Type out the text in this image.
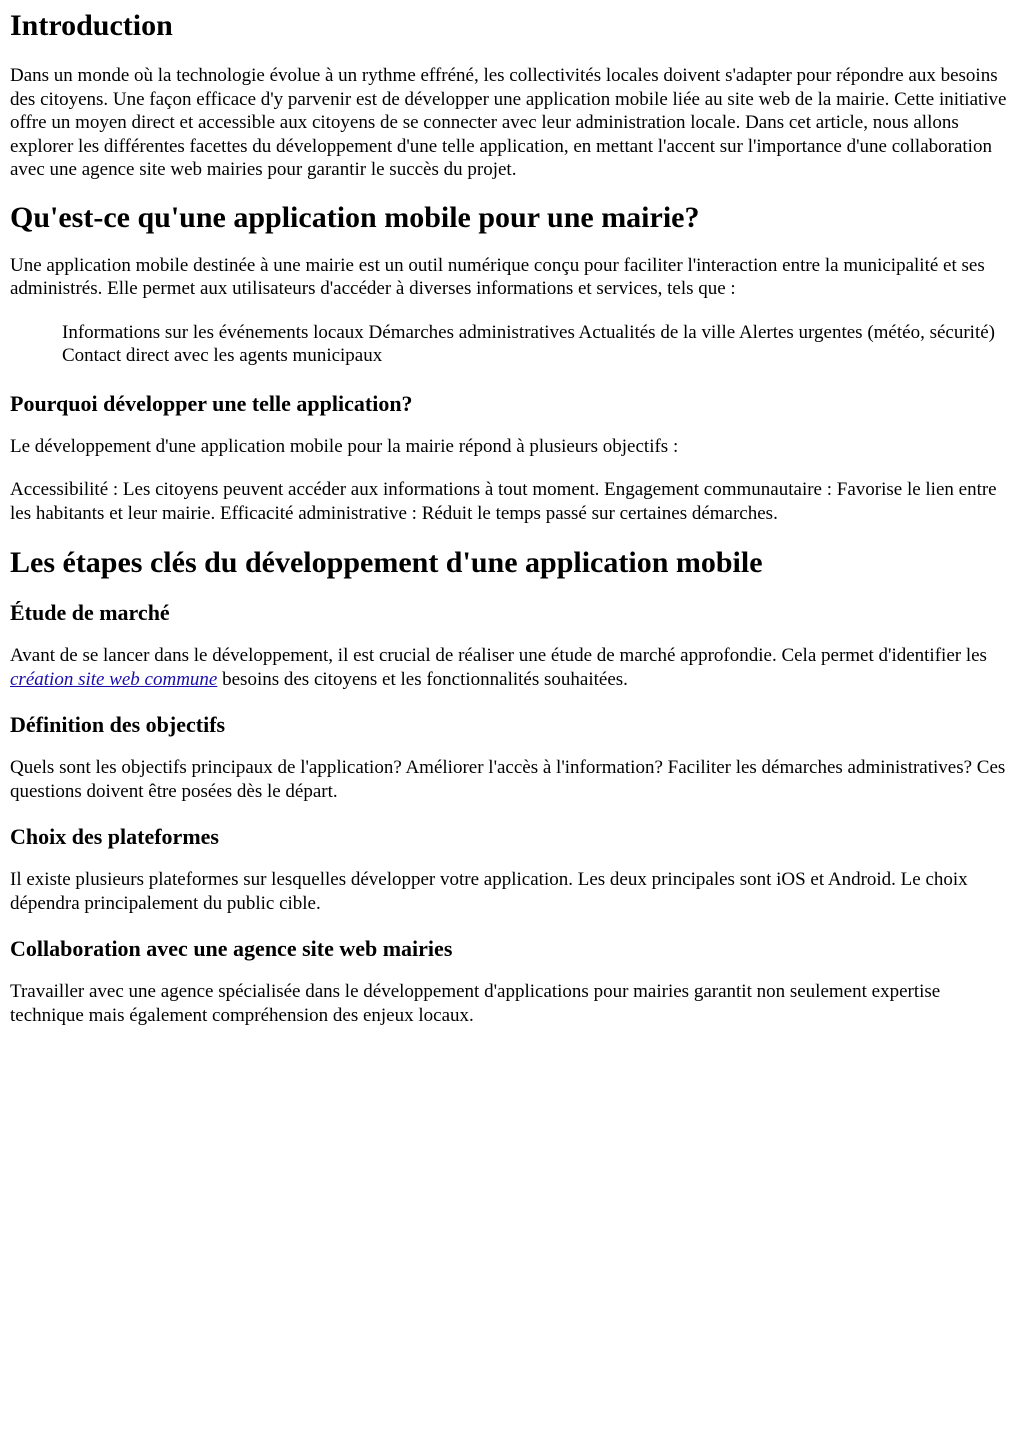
Introduction

Dans un monde où la technologie évolue à un rythme effréné, les collectivités locales doivent s'adapter pour répondre aux besoins des citoyens. Une façon efficace d'y parvenir est de développer une application mobile liée au site web de la mairie. Cette initiative offre un moyen direct et accessible aux citoyens de se connecter avec leur administration locale. Dans cet article, nous allons explorer les différentes facettes du développement d'une telle application, en mettant l'accent sur l'importance d'une collaboration avec une agence site web mairies pour garantir le succès du projet.

Qu'est-ce qu'une application mobile pour une mairie?

Une application mobile destinée à une mairie est un outil numérique conçu pour faciliter l'interaction entre la municipalité et ses administrés. Elle permet aux utilisateurs d'accéder à diverses informations et services, tels que :

Informations sur les événements locaux Démarches administratives Actualités de la ville Alertes urgentes (météo, sécurité) Contact direct avec les agents municipaux
Pourquoi développer une telle application?

Le développement d'une application mobile pour la mairie répond à plusieurs objectifs :

Accessibilité : Les citoyens peuvent accéder aux informations à tout moment. Engagement communautaire : Favorise le lien entre les habitants et leur mairie. Efficacité administrative : Réduit le temps passé sur certaines démarches.

Les étapes clés du développement d'une application mobile
Étude de marché

Avant de se lancer dans le développement, il est crucial de réaliser une étude de marché approfondie. Cela permet d'identifier les création site web commune besoins des citoyens et les fonctionnalités souhaitées.

Définition des objectifs

Quels sont les objectifs principaux de l'application? Améliorer l'accès à l'information? Faciliter les démarches administratives? Ces questions doivent être posées dès le départ.

Choix des plateformes

Il existe plusieurs plateformes sur lesquelles développer votre application. Les deux principales sont iOS et Android. Le choix dépendra principalement du public cible.

Collaboration avec une agence site web mairies

Travailler avec une agence spécialisée dans le développement d'applications pour mairies garantit non seulement expertise technique mais également compréhension des enjeux locaux.
